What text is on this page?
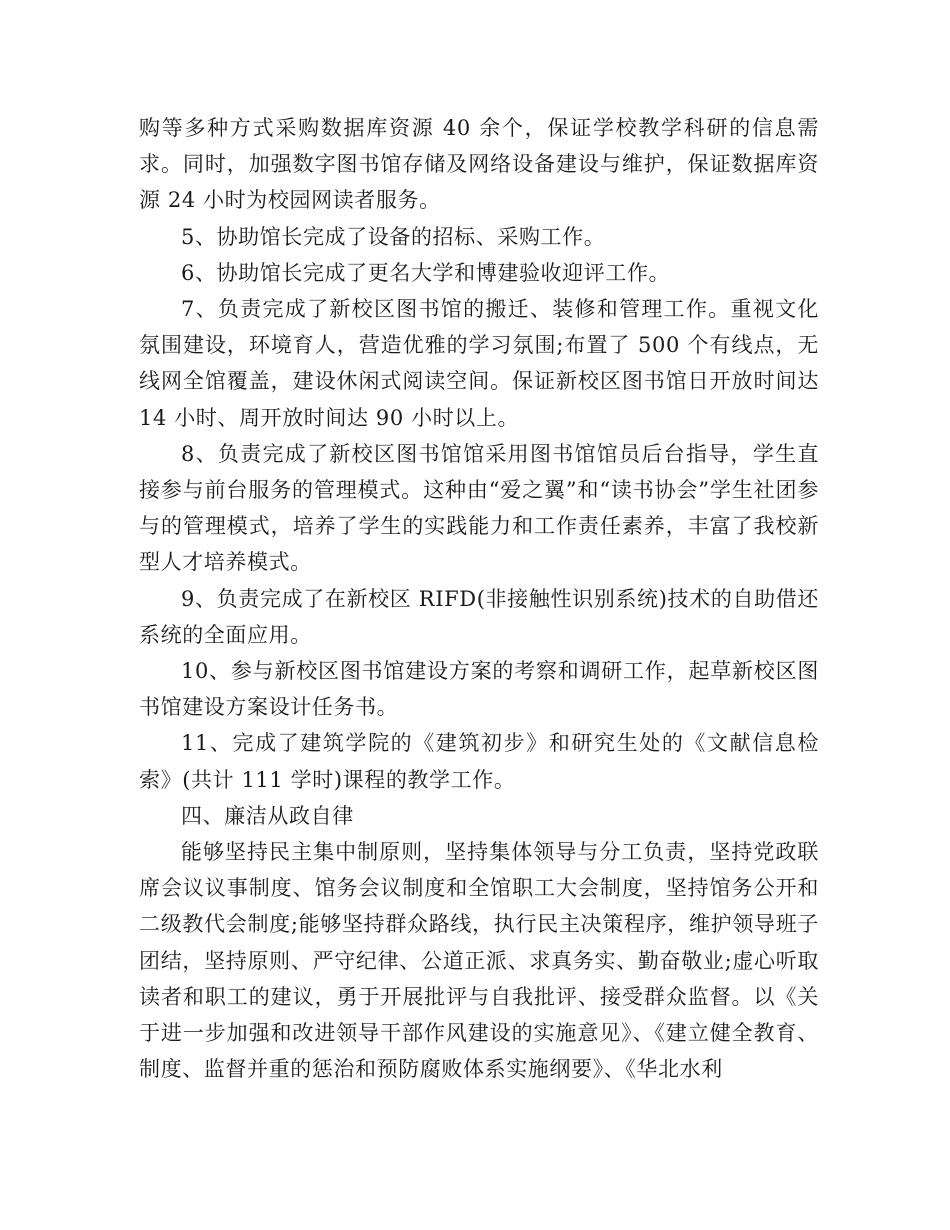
购等多种方式采购数据库资源 40 余个，保证学校教学科研的信息需求。同时，加强数字图书馆存储及网络设备建设与维护，保证数据库资源 24 小时为校园网读者服务。

5、协助馆长完成了设备的招标、采购工作。

6、协助馆长完成了更名大学和博建验收迎评工作。

7、负责完成了新校区图书馆的搬迁、装修和管理工作。重视文化氛围建设，环境育人，营造优雅的学习氛围;布置了 500 个有线点，无线网全馆覆盖，建设休闲式阅读空间。保证新校区图书馆日开放时间达 14 小时、周开放时间达 90 小时以上。

8、负责完成了新校区图书馆馆采用图书馆馆员后台指导，学生直接参与前台服务的管理模式。这种由“爱之翼”和“读书协会”学生社团参与的管理模式，培养了学生的实践能力和工作责任素养，丰富了我校新型人才培养模式。

9、负责完成了在新校区 RIFD(非接触性识别系统)技术的自助借还系统的全面应用。

10、参与新校区图书馆建设方案的考察和调研工作，起草新校区图书馆建设方案设计任务书。

11、完成了建筑学院的《建筑初步》和研究生处的《文献信息检索》(共计 111 学时)课程的教学工作。

四、廉洁从政自律

能够坚持民主集中制原则，坚持集体领导与分工负责，坚持党政联席会议议事制度、馆务会议制度和全馆职工大会制度，坚持馆务公开和二级教代会制度;能够坚持群众路线，执行民主决策程序，维护领导班子团结，坚持原则、严守纪律、公道正派、求真务实、勤奋敬业;虚心听取读者和职工的建议，勇于开展批评与自我批评、接受群众监督。以《关于进一步加强和改进领导干部作风建设的实施意见》、《建立健全教育、制度、监督并重的惩治和预防腐败体系实施纲要》、《华北水利
